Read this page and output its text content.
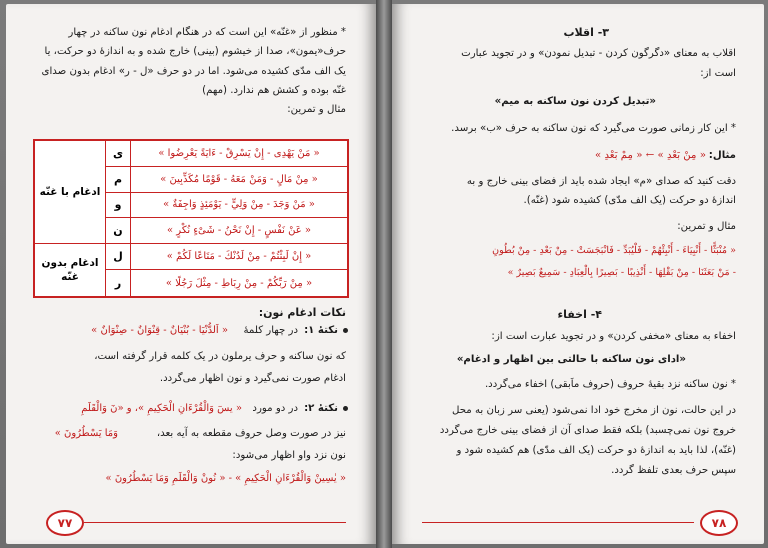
* منظور از «غنّه» این است که در هنگام ادغام نون ساکنه در چهار
حرف«یمون»، صدا از خیشوم (بینی) خارج شده و به اندازهٔ دو حرکت، یا
یک الف مدّی کشیده می‌شود. اما در دو حرف «ل - ر» ادغام بدون صدای
غنّه بوده و کشش هم ندارد. (مهم)
مثال و تمرین:
ادغام با غنّه	ی	« مَنْ يَهْدِى - إِنْ يَسْرِقْ - ءَايَةً يَعْرِضُوا »
	م	« مِنْ مَالٍ - وَمَنْ مَعَهُ - قَوْمًا مُكَذِّبِينَ »
	و	« مَنْ وَجَدَ - مِنْ وَلِيٍّ - يَوْمَئِذٍ وَاجِفَةٌ »
	ن	« عَنْ نَفْسٍ - إِنْ نَحْنُ - شَىْءٍ نُكْرٍ »
ادغام بدون غنّه	ل	« إِنْ لَبِثْتُمْ - مِنْ لَدُنْكَ - مَتَاعًا لَكُمْ »
	ر	« مِنْ رَبِّكُمْ - مِنْ رِبَاطِ - مِثْلَ رَجُلًا »
نکات ادغام نون:
نکتهٔ ۱:
در چهار کلمهٔ
« اَلدُّنْيَا - بُنْيَانٌ - قِنْوَانٌ - صِنْوَانٌ »
که نون ساکنه و حرف یرملون در یک کلمه قرار گرفته است،
ادغام صورت نمی‌گیرد و نون اظهار می‌گردد.
نکتهٔ ۲:
در دو مورد
« يسٓ وَالْقُرْءَانِ الْحَكِيمِ »، و «نٓ وَالْقَلَمِ
وَمَا يَسْطُرُونَ »	نیز در صورت وصل حروف مقطعه به آیه بعد،
نون نزد واو اظهار می‌شود:
« يٰسِينْ وَالْقُرْءَانِ الْحَكِيمِ » - « نُونْ وَالْقَلَمِ وَمَا يَسْطُرُونَ »
۷۷
۳- اقلاب
اقلاب به معنای «دگرگون کردن - تبدیل نمودن» و در تجوید عبارت
است از:
«تبدیل کردن نون ساکنه به میم»
* این کار زمانی صورت می‌گیرد که نون ساکنه به حرف «ب» برسد.
مثال:
« مِنْ بَعْدِ » ← « مِمْ بَعْدِ »
دقت کنید که صدای «م» ایجاد شده باید از فضای بینی خارج و به
اندازهٔ دو حرکت (یک الف مدّی) کشیده شود (غنّه).
مثال و تمرین:
« مُنْبَثًّا - أَنْبِيَاءَ - أَنْبِئْهُمْ - فَلْيُبَدِّ - فَانْبَجَسَتْ - مِنْ بَعْدِ - مِنْ بُطُونِ
- مَنْ بَعَثَنَا - مِنْ بَقْلِهَا - أَنْذِيبًا - بَصِيرًا بِالْعِبَادِ - سَمِيعٌ بَصِيرٌ »
۴- اخفاء
اخفاء به معنای «مخفی کردن» و در تجوید عبارت است از:
«ادای نون ساکنه با حالتی بین اظهار و ادغام»
* نون ساکنه نزد بقیهٔ حروف (حروف ماَبقی) اخفاء می‌گردد.
در این حالت، نون از مخرج خود ادا نمی‌شود (یعنی سر زبان به محل
خروج نون نمی‌چسبد) بلکه فقط صدای آن از فضای بینی خارج می‌گردد
(غنّه)، لذا باید به اندازهٔ دو حرکت (یک الف مدّی) هم کشیده شود و
سپس حرف بعدی تلفظ گردد.
۷۸
